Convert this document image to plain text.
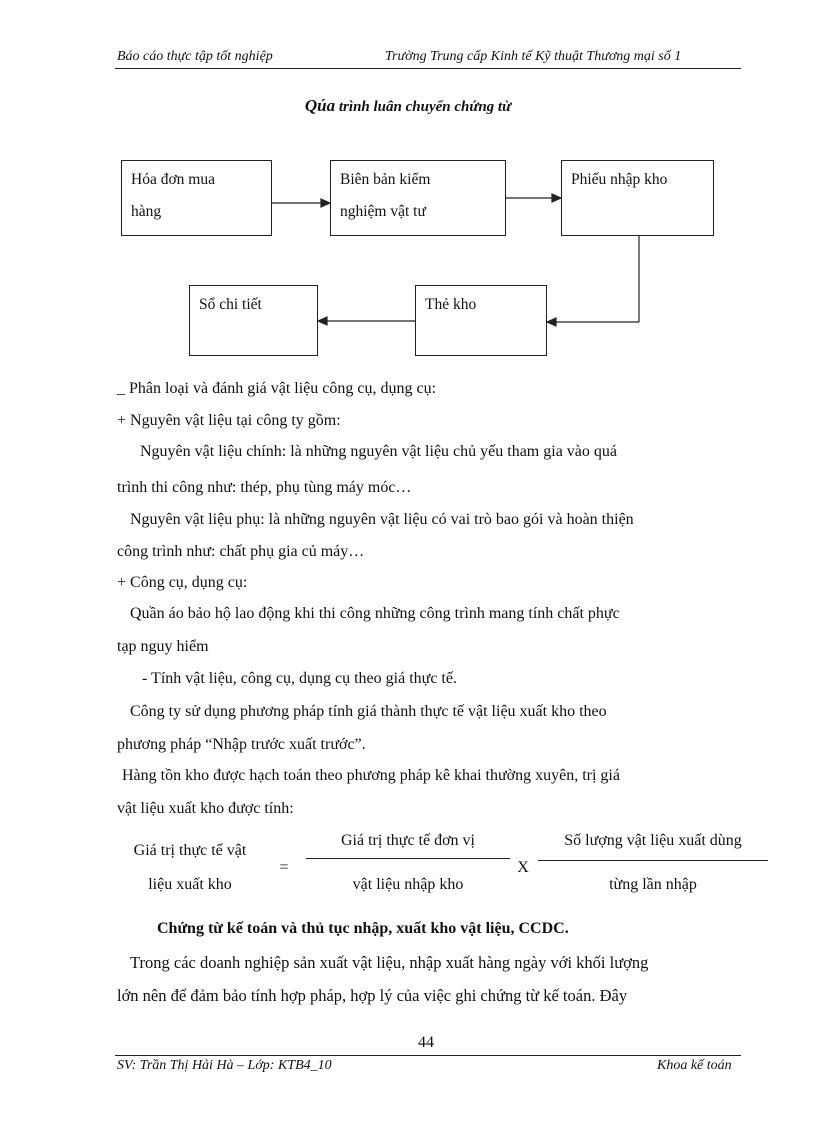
Báo cáo thực tập tốt nghiệp	Trường Trung cấp Kinh tế Kỹ thuật Thương mại số 1
Qúa trình luân chuyển chứng từ
Hóa đơn mua
hàng
Biên bản kiểm
nghiệm vật tư
Phiếu nhập kho
Thẻ kho
Sổ chi tiết
_ Phân loại và đánh giá vật liệu công cụ, dụng cụ:
+ Nguyên vật liệu tại công ty gồm:
Nguyên vật liệu chính: là những nguyên vật liệu chủ yếu tham gia vào quá
trình thi công như: thép, phụ tùng máy móc…
Nguyên vật liệu phụ: là những nguyên vật liệu có vai trò bao gói và hoàn thiện
công trình như: chất phụ gia củ máy…
+ Công cụ, dụng cụ:
Quần áo bảo hộ lao động khi thi công những công trình mang tính chất phực
tạp nguy hiểm
- Tính vật liệu, công cụ, dụng cụ theo giá thực tế.
Công ty sử dụng phương pháp tính giá thành thực tế vật liệu xuất kho theo
phương pháp “Nhập trước xuất trước”.
Hàng tồn kho được hạch toán theo phương pháp kê khai thường xuyên, trị giá
vật liệu xuất kho được tính:
Giá trị thực tế vật
liệu xuất kho
=
Giá trị thực tế đơn vị
vật liệu nhập kho
X
Số lượng vật liệu xuất dùng
từng lần nhập
Chứng từ kế toán và thủ tục nhập, xuất kho vật liệu, CCDC.
Trong các doanh nghiệp sản xuất vật liệu, nhập xuất hàng ngày với khối lượng
lớn nên để đảm bảo tính hợp pháp, hợp lý của việc ghi chứng từ kế toán. Đây
44
SV: Trần Thị Hải Hà – Lớp: KTB4_10	Khoa kế toán
